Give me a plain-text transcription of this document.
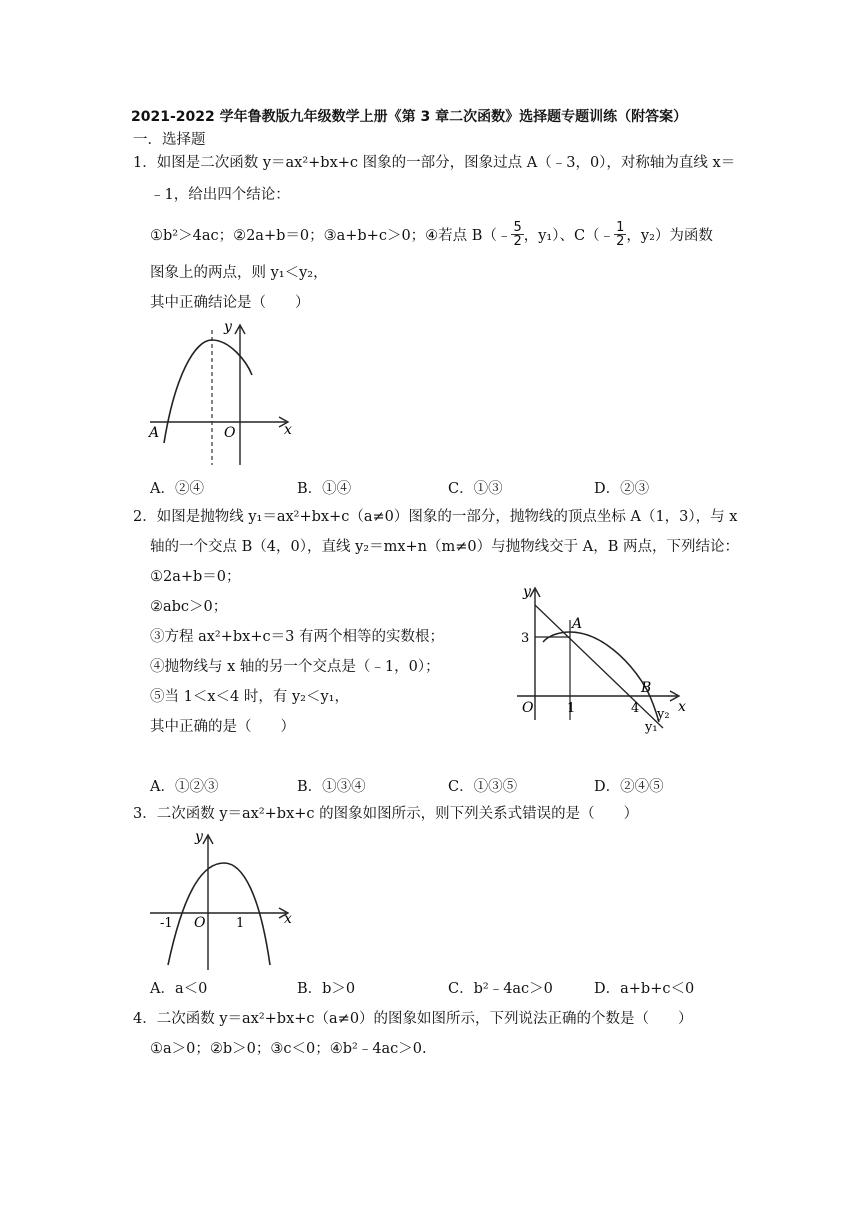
2021-2022 学年鲁教版九年级数学上册《第 3 章二次函数》选择题专题训练（附答案）
一．选择题
1．如图是二次函数 y＝ax²+bx+c 图象的一部分，图象过点 A（﹣3，0），对称轴为直线 x＝
﹣1，给出四个结论：
①b²＞4ac；②2a+b＝0；③a+b+c＞0；④若点 B（﹣ $\frac{5}{2}$ ，y₁）、C（﹣ $\frac{1}{2}$ ，y₂）为函数
图象上的两点，则 y₁＜y₂，
其中正确结论是（　　）
y
x
O
A
A．②④	B．①④	C．①③	D．②③
2．如图是抛物线 y₁＝ax²+bx+c（a≠0）图象的一部分，抛物线的顶点坐标 A（1，3），与 x
轴的一个交点 B（4，0），直线 y₂＝mx+n（m≠0）与抛物线交于 A，B 两点，下列结论：
①2a+b＝0；
②abc＞0；
③方程 ax²+bx+c＝3 有两个相等的实数根；
④抛物线与 x 轴的另一个交点是（﹣1，0）；
⑤当 1＜x＜4 时，有 y₂＜y₁，
其中正确的是（　　）
y
x
O
3
1	4
A
B
y₂
y₁
A．①②③	B．①③④	C．①③⑤	D．②④⑤
3．二次函数 y＝ax²+bx+c 的图象如图所示，则下列关系式错误的是（　　）
y
x
O
-1	1
A．a＜0	B．b＞0	C．b²﹣4ac＞0	D．a+b+c＜0
4．二次函数 y＝ax²+bx+c（a≠0）的图象如图所示，下列说法正确的个数是（　　）
①a＞0；②b＞0；③c＜0；④b²﹣4ac＞0.
